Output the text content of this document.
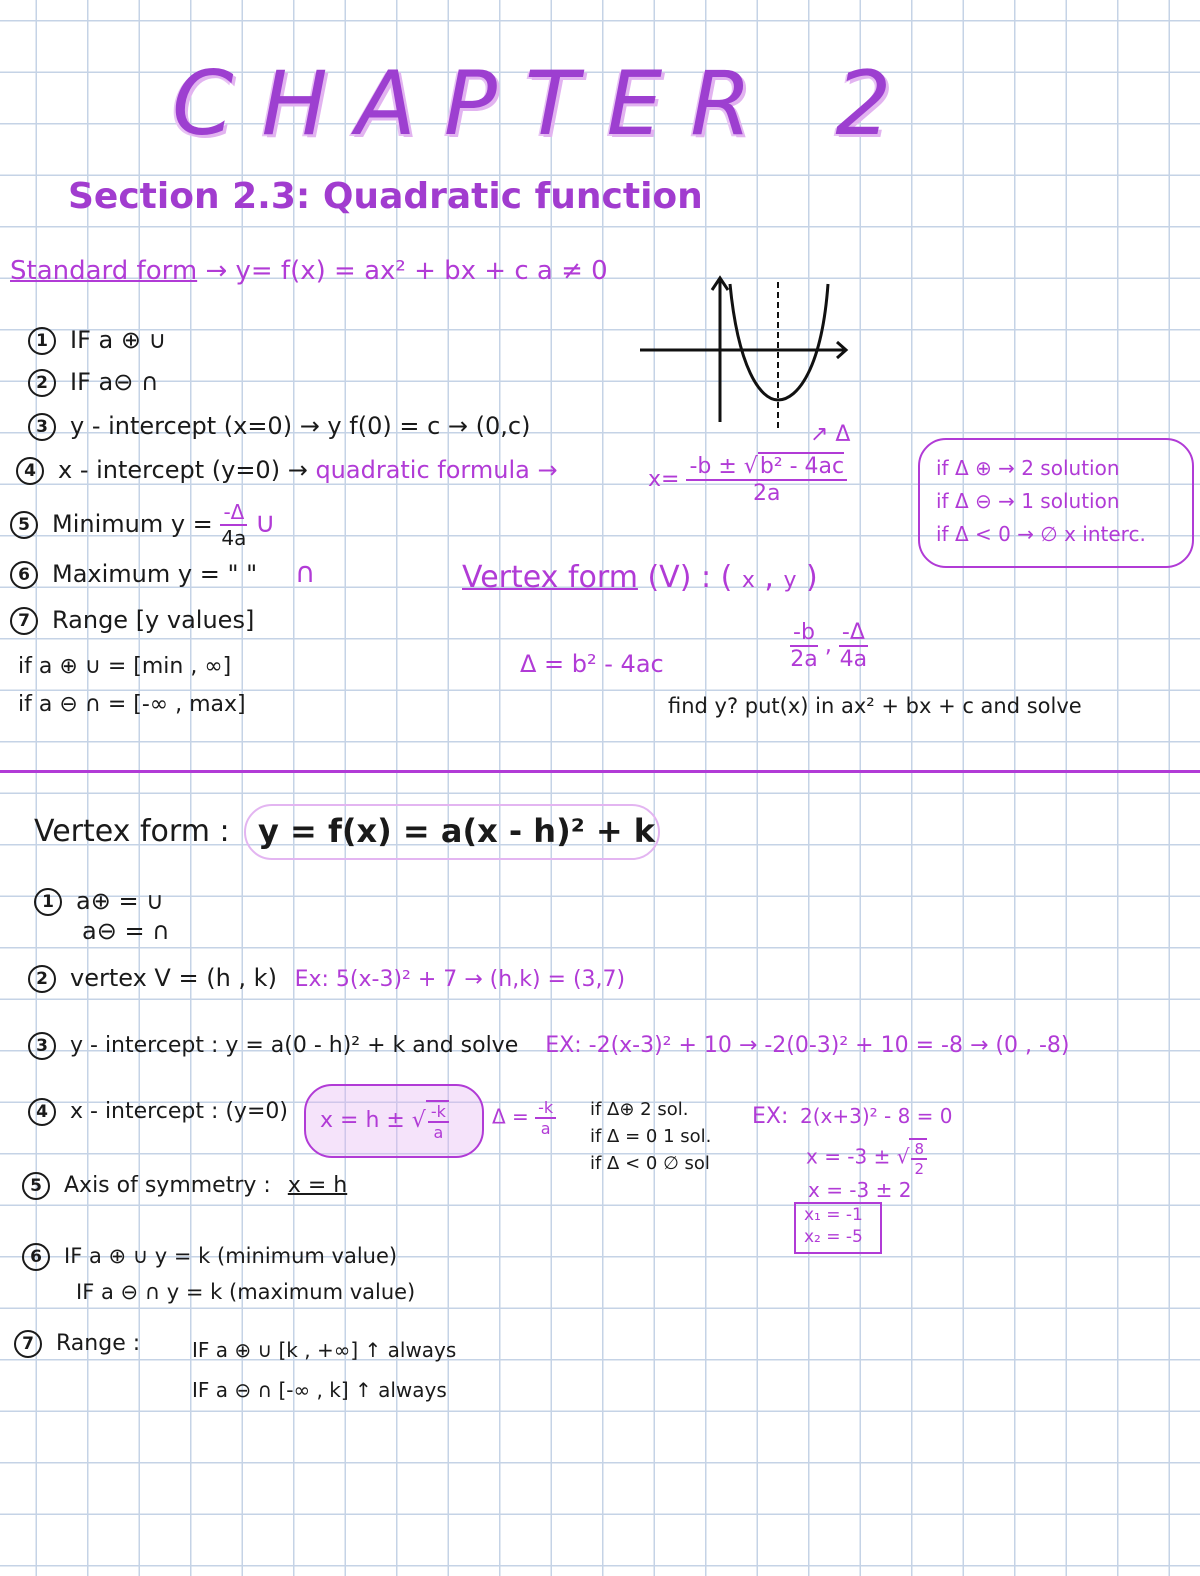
CHAPTER 2
Section 2.3: Quadratic function
Standard form → y= f(x) = ax² + bx + c a ≠ 0
1 IF a ⊕ ∪
2 IF a⊖ ∩
3 y - intercept (x=0) → y f(0) = c → (0,c)
4 x - intercept (y=0) → quadratic formula →
↗ Δ
$x= \frac{\text{-b ± √b² - 4ac}}{2a}$	if Δ ⊕ → 2 solution
if Δ ⊖ → 1 solution
if Δ < 0 → ∅ x interc.
5 Minimum $y = \frac{-\Delta}{4a}$ ∪
6 Maximum y = " " ∩	Vertex form (V) : ( x , y )
$\frac{-b}{2a}$ , $\frac{-\Delta}{4a}$
7 Range [y values]
if a ⊕ ∪ = [min , ∞]
if a ⊖ ∩ = [-∞ , max]
Δ = b² - 4ac
find y? put(x) in ax² + bx + c and solve
Vertex form : y = f(x) = a(x - h)² + k
1 a⊕ = ∪
a⊖ = ∩
2 vertex V = (h , k) Ex: 5(x-3)² + 7 → (h,k) = (3,7)
3 y - intercept : y = a(0 - h)² + k and solve EX: -2(x-3)² + 10 → -2(0-3)² + 10 = -8 → (0 , -8)
4 x - intercept : (y=0) x = h ± √ $\frac{-k}{a}$ $\Delta = \frac{-k}{a}$ if Δ⊕ 2 sol.
if Δ = 0 1 sol.
if Δ < 0 ∅ sol
EX: 2(x+3)² - 8 = 0
x = -3 ± √ $\frac{8}{2}$
x = -3 ± 2
x₁ = -1
x₂ = -5
5 Axis of symmetry : x = h
6 IF a ⊕ ∪ y = k (minimum value)
IF a ⊖ ∩ y = k (maximum value)
7 Range :	IF a ⊕ ∪ [k , +∞] ↑ always
IF a ⊖ ∩ [-∞ , k] ↑ always
